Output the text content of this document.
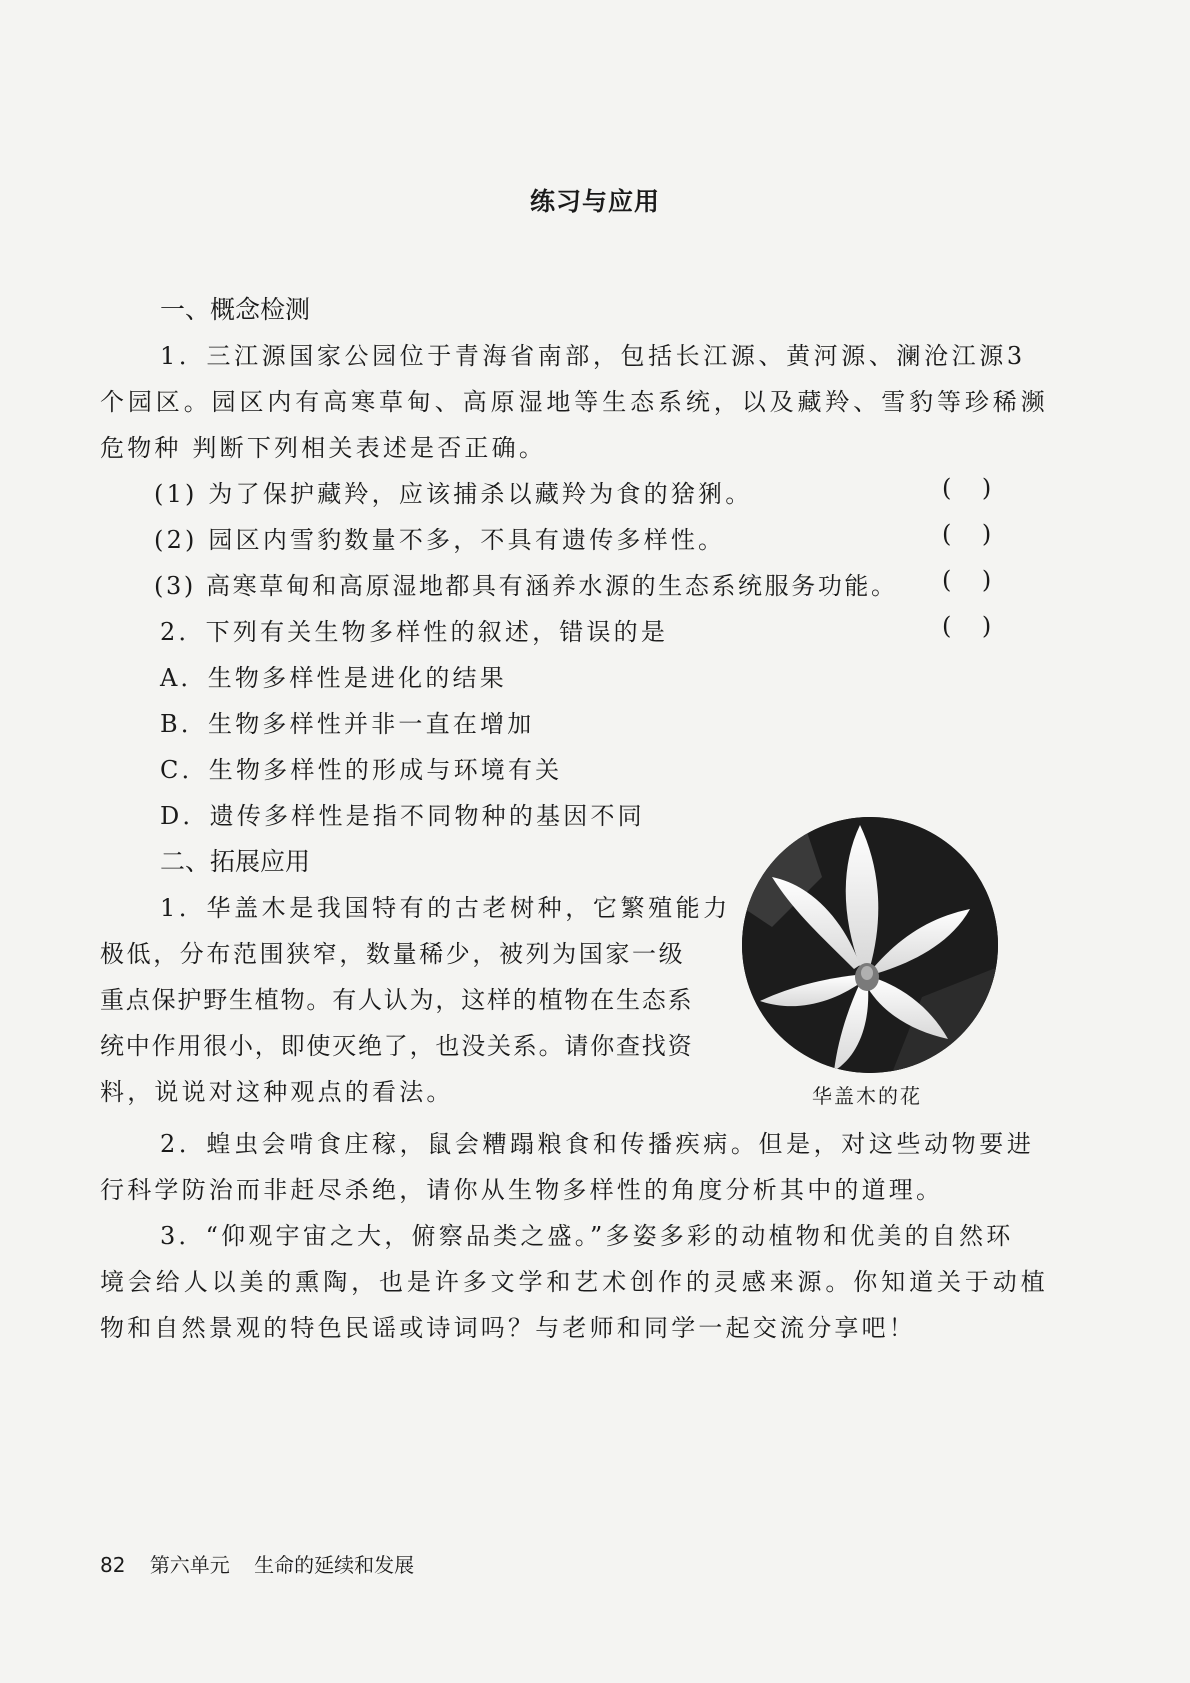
练习与应用
一、概念检测
1．三江源国家公园位于青海省南部，包括长江源、黄河源、澜沧江源3
个园区。园区内有高寒草甸、高原湿地等生态系统，以及藏羚、雪豹等珍稀濒
危物种 判断下列相关表述是否正确。
(1) 为了保护藏羚，应该捕杀以藏羚为食的猞猁。	(    )
(2) 园区内雪豹数量不多，不具有遗传多样性。	(    )
(3) 高寒草甸和高原湿地都具有涵养水源的生态系统服务功能。 (    )
2．下列有关生物多样性的叙述，错误的是	(    )
A．生物多样性是进化的结果
B．生物多样性并非一直在增加
C．生物多样性的形成与环境有关
D．遗传多样性是指不同物种的基因不同
二、拓展应用
1．华盖木是我国特有的古老树种，它繁殖能力
极低，分布范围狭窄，数量稀少，被列为国家一级
重点保护野生植物。有人认为，这样的植物在生态系
统中作用很小，即使灭绝了，也没关系。请你查找资
料，说说对这种观点的看法。	华盖木的花
2．蝗虫会啃食庄稼，鼠会糟蹋粮食和传播疾病。但是，对这些动物要进
行科学防治而非赶尽杀绝，请你从生物多样性的角度分析其中的道理。
3．“仰观宇宙之大，俯察品类之盛。”多姿多彩的动植物和优美的自然环
境会给人以美的熏陶，也是许多文学和艺术创作的灵感来源。你知道关于动植
物和自然景观的特色民谣或诗词吗？与老师和同学一起交流分享吧！
82 第六单元 生命的延续和发展
